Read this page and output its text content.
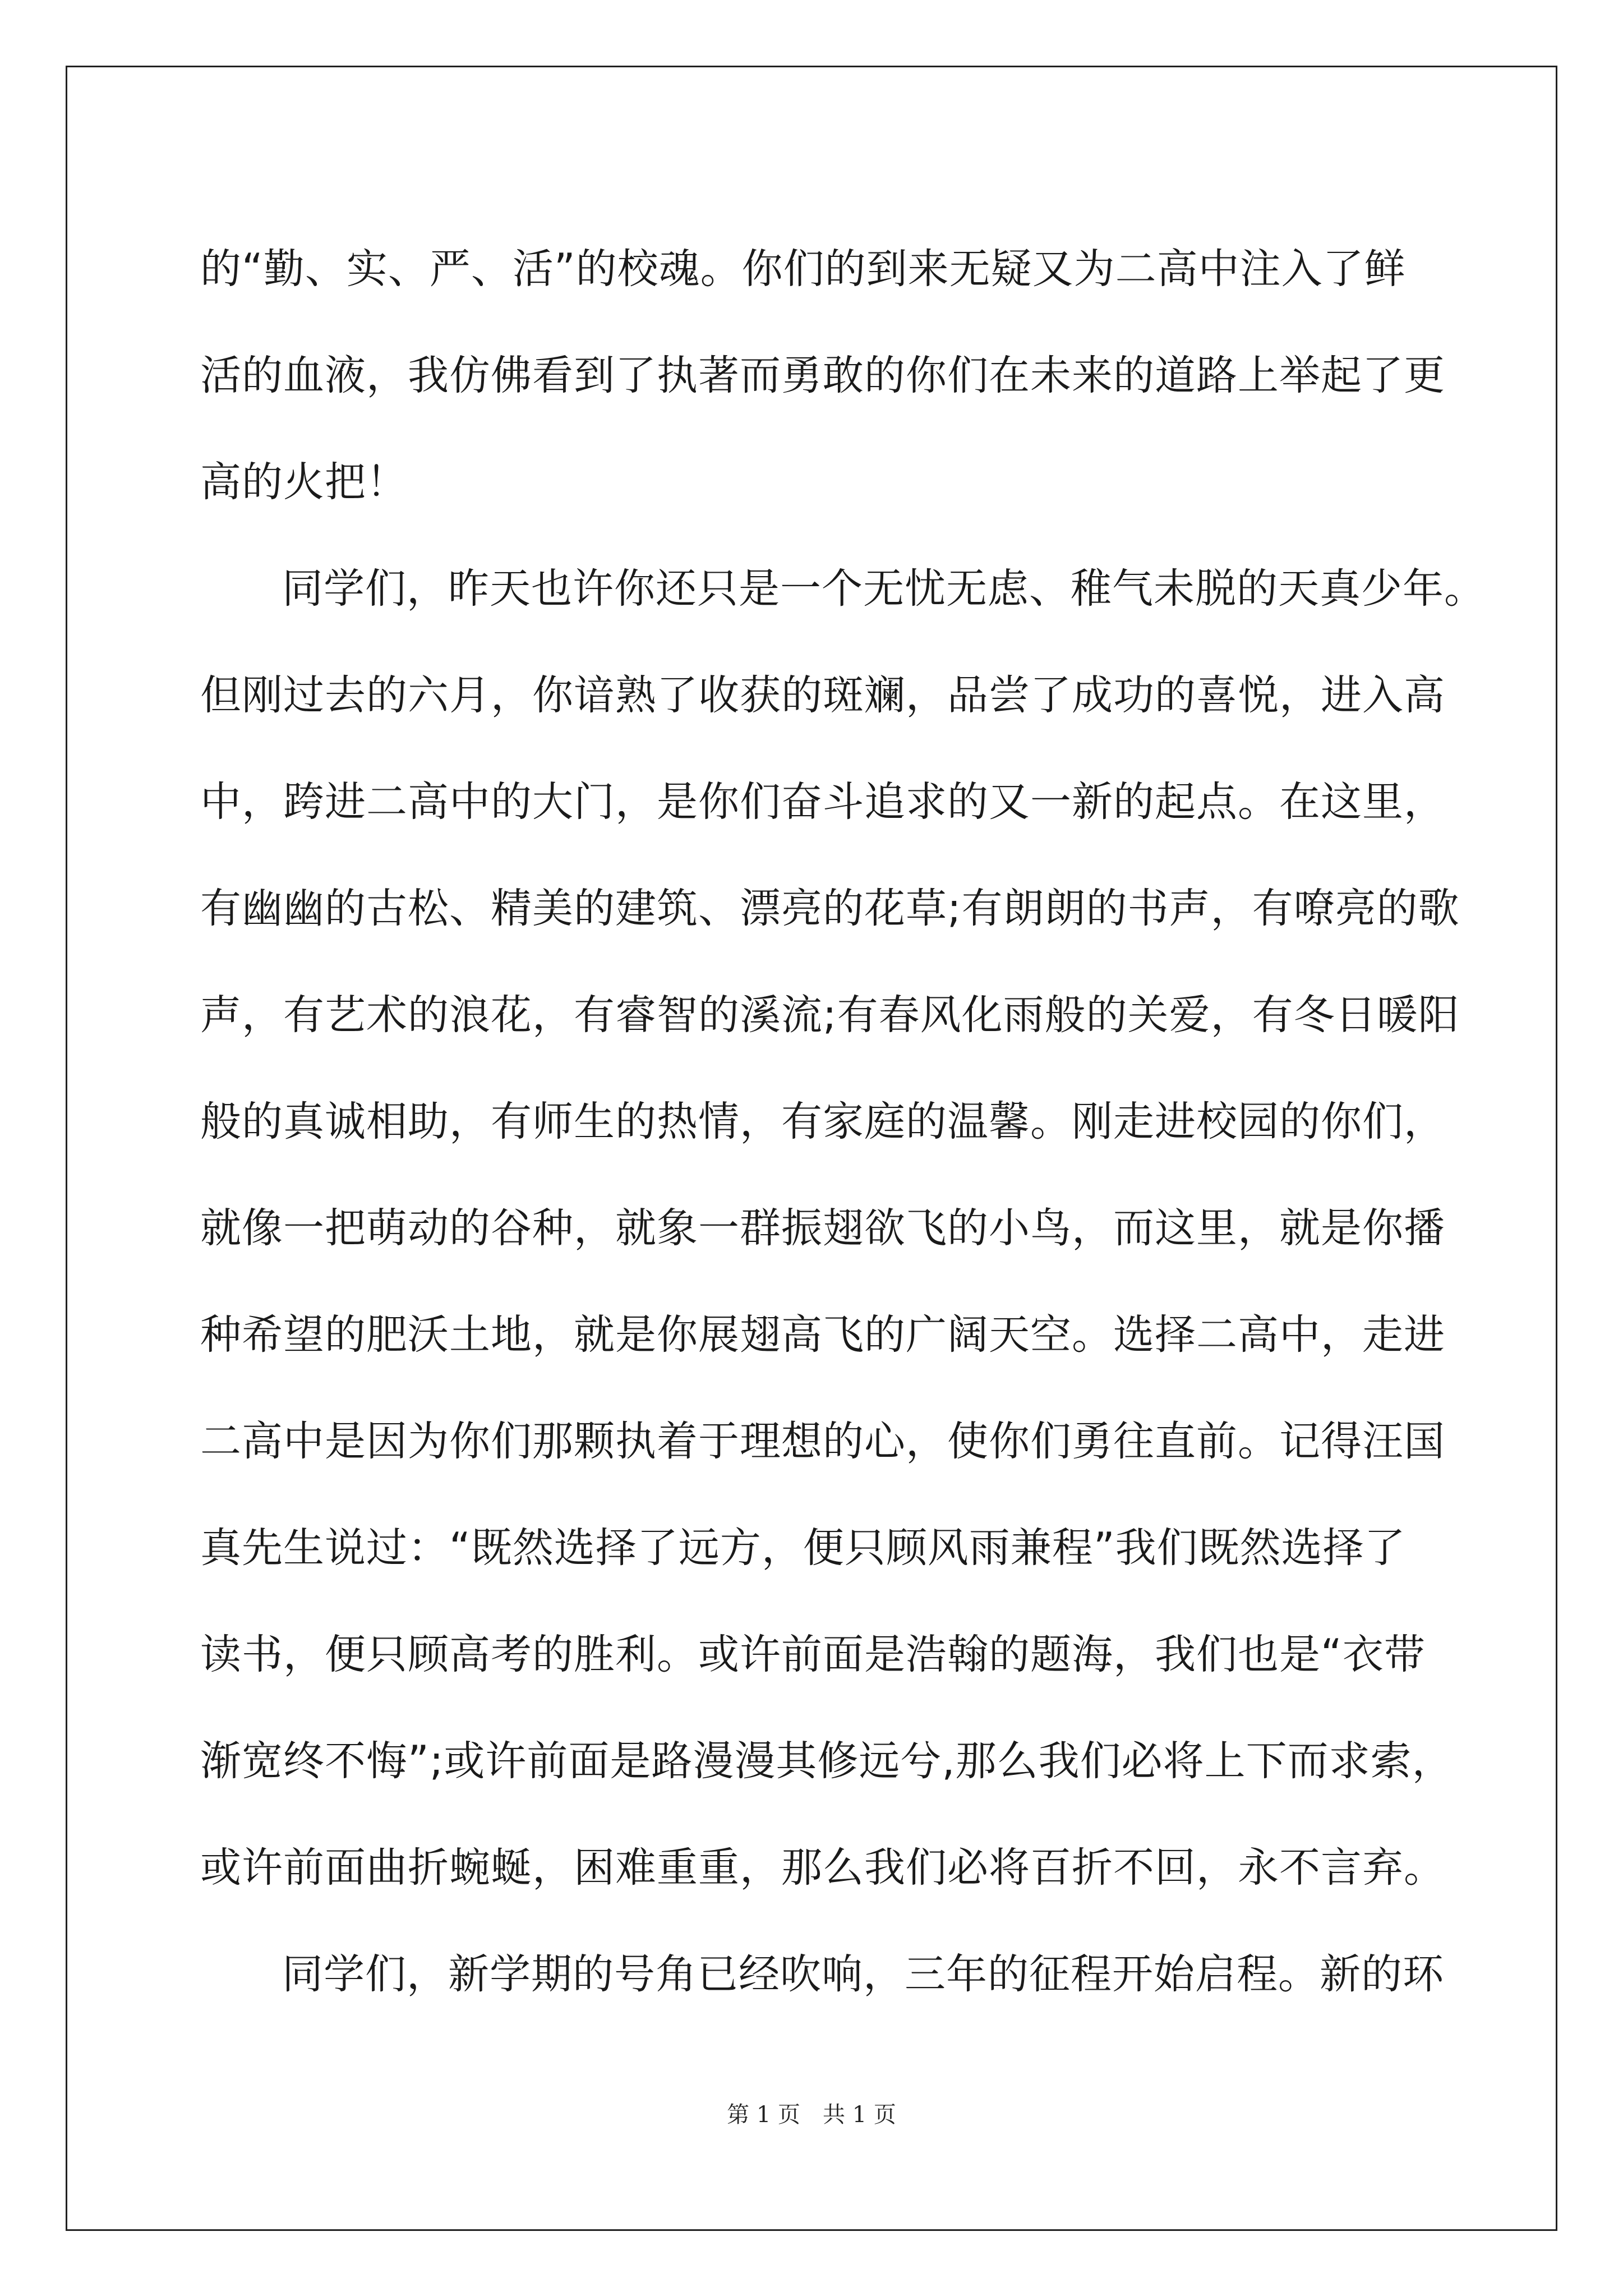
的“勤、实、严、活”的校魂。你们的到来无疑又为二高中注入了鲜
活的血液，我仿佛看到了执著而勇敢的你们在未来的道路上举起了更
高的火把！
同学们，昨天也许你还只是一个无忧无虑、稚气未脱的天真少年。
但刚过去的六月，你谙熟了收获的斑斓，品尝了成功的喜悦，进入高
中，跨进二高中的大门，是你们奋斗追求的又一新的起点。在这里，
有幽幽的古松、精美的建筑、漂亮的花草;有朗朗的书声，有嘹亮的歌
声，有艺术的浪花，有睿智的溪流;有春风化雨般的关爱，有冬日暖阳
般的真诚相助，有师生的热情，有家庭的温馨。刚走进校园的你们，
就像一把萌动的谷种，就象一群振翅欲飞的小鸟，而这里，就是你播
种希望的肥沃土地，就是你展翅高飞的广阔天空。选择二高中，走进
二高中是因为你们那颗执着于理想的心，使你们勇往直前。记得汪国
真先生说过：“既然选择了远方，便只顾风雨兼程”我们既然选择了
读书，便只顾高考的胜利。或许前面是浩翰的题海，我们也是“衣带
渐宽终不悔”;或许前面是路漫漫其修远兮,那么我们必将上下而求索，
或许前面曲折蜿蜒，困难重重，那么我们必将百折不回，永不言弃。
同学们，新学期的号角已经吹响，三年的征程开始启程。新的环
第 1 页　共 1 页
